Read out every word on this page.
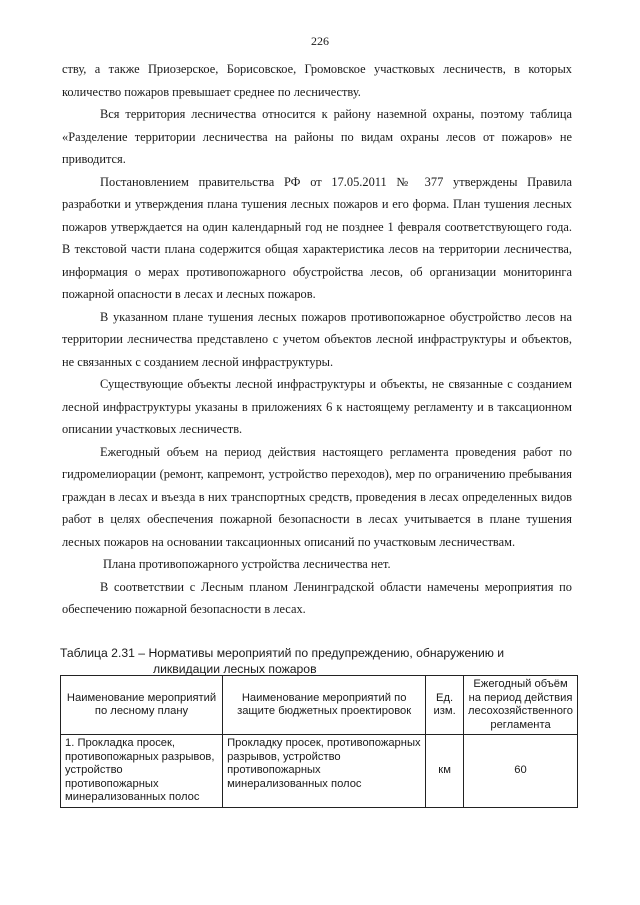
226

ству, а также Приозерское, Борисовское, Громовское участковых лесничеств, в которых количество пожаров превышает среднее по лесничеству.

Вся территория лесничества относится к району наземной охраны, поэтому таблица «Разделение территории лесничества на районы по видам охраны лесов от пожаров» не приводится.

Постановлением правительства РФ от 17.05.2011 № 377 утверждены Правила разработки и утверждения плана тушения лесных пожаров и его форма. План тушения лесных пожаров утверждается на один календарный год не позднее 1 февраля соответствующего года. В текстовой части плана содержится общая характеристика лесов на территории лесничества, информация о мерах противопожарного обустройства лесов, об организации мониторинга пожарной опасности в лесах и лесных пожаров.

В указанном плане тушения лесных пожаров противопожарное обустройство лесов на территории лесничества представлено с учетом объектов лесной инфраструктуры и объектов, не связанных с созданием лесной инфраструктуры.

Существующие объекты лесной инфраструктуры и объекты, не связанные с созданием лесной инфраструктуры указаны в приложениях 6 к настоящему регламенту и в таксационном описании участковых лесничеств.

Ежегодный объем на период действия настоящего регламента проведения работ по гидромелиорации (ремонт, капремонт, устройство переходов), мер по ограничению пребывания граждан в лесах и въезда в них транспортных средств, проведения в лесах определенных видов работ в целях обеспечения пожарной безопасности в лесах учитывается в плане тушения лесных пожаров на основании таксационных описаний по участковым лесничествам.

Плана противопожарного устройства лесничества нет.

В соответствии с Лесным планом Ленинградской области намечены мероприятия по обеспечению пожарной безопасности в лесах.

Таблица 2.31 – Нормативы мероприятий по предупреждению, обнаружению и
ликвидации лесных пожаров
Наименование мероприятий по лесному плану	Наименование мероприятий по защите бюджетных проектировок	Ед. изм.	Ежегодный объём на период действия лесохозяйственного регламента
1. Прокладка просек, противопожарных разрывов, устройство противопожарных минерализованных полос	Прокладку просек, противопожарных разрывов, устройство противопожарных минерализованных полос	км	60
